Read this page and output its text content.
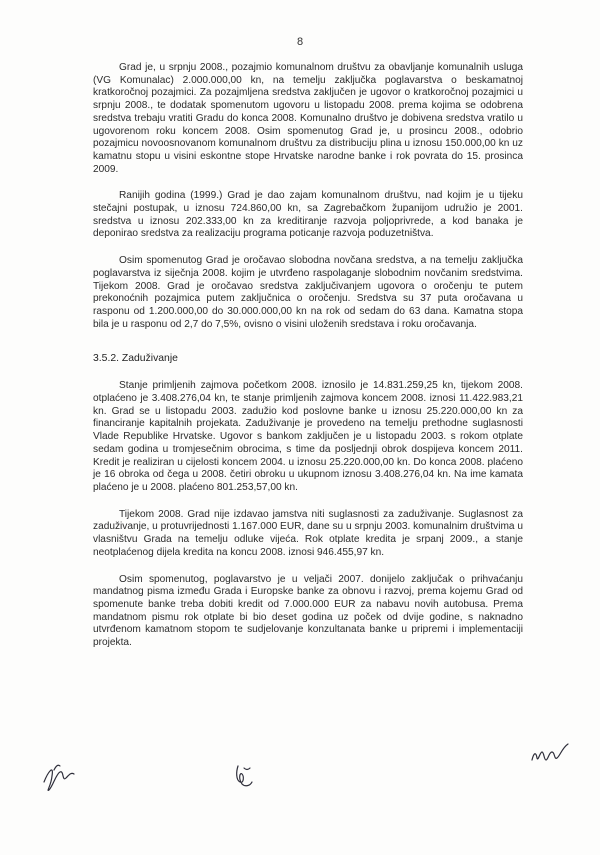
8

Grad je, u srpnju 2008., pozajmio komunalnom društvu za obavljanje komunalnih usluga (VG Komunalac) 2.000.000,00 kn, na temelju zaključka poglavarstva o beskamatnoj kratkoročnoj pozajmici. Za pozajmljena sredstva zaključen je ugovor o kratkoročnoj pozajmici u srpnju 2008., te dodatak spomenutom ugovoru u listopadu 2008. prema kojima se odobrena sredstva trebaju vratiti Gradu do konca 2008. Komunalno društvo je dobivena sredstva vratilo u ugovorenom roku koncem 2008. Osim spomenutog Grad je, u prosincu 2008., odobrio pozajmicu novoosnovanom komunalnom društvu za distribuciju plina u iznosu 150.000,00 kn uz kamatnu stopu u visini eskontne stope Hrvatske narodne banke i rok povrata do 15. prosinca 2009.

Ranijih godina (1999.) Grad je dao zajam komunalnom društvu, nad kojim je u tijeku stečajni postupak, u iznosu 724.860,00 kn, sa Zagrebačkom županijom udružio je 2001. sredstva u iznosu 202.333,00 kn za kreditiranje razvoja poljoprivrede, a kod banaka je deponirao sredstva za realizaciju programa poticanje razvoja poduzetništva.

Osim spomenutog Grad je oročavao slobodna novčana sredstva, a na temelju zaključka poglavarstva iz siječnja 2008. kojim je utvrđeno raspolaganje slobodnim novčanim sredstvima. Tijekom 2008. Grad je oročavao sredstva zaključivanjem ugovora o oročenju te putem prekonoćnih pozajmica putem zaključnica o oročenju. Sredstva su 37 puta oročavana u rasponu od 1.200.000,00 do 30.000.000,00 kn na rok od sedam do 63 dana. Kamatna stopa bila je u rasponu od 2,7 do 7,5%, ovisno o visini uloženih sredstava i roku oročavanja.

3.5.2. Zaduživanje

Stanje primljenih zajmova početkom 2008. iznosilo je 14.831.259,25 kn, tijekom 2008. otplaćeno je 3.408.276,04 kn, te stanje primljenih zajmova koncem 2008. iznosi 11.422.983,21 kn. Grad se u listopadu 2003. zadužio kod poslovne banke u iznosu 25.220.000,00 kn za financiranje kapitalnih projekata. Zaduživanje je provedeno na temelju prethodne suglasnosti Vlade Republike Hrvatske. Ugovor s bankom zaključen je u listopadu 2003. s rokom otplate sedam godina u tromjesečnim obrocima, s time da posljednji obrok dospijeva koncem 2011. Kredit je realiziran u cijelosti koncem 2004. u iznosu 25.220.000,00 kn. Do konca 2008. plaćeno je 16 obroka od čega u 2008. četiri obroku u ukupnom iznosu 3.408.276,04 kn. Na ime kamata plaćeno je u 2008. plaćeno 801.253,57,00 kn.

Tijekom 2008. Grad nije izdavao jamstva niti suglasnosti za zaduživanje. Suglasnost za zaduživanje, u protuvrijednosti 1.167.000 EUR, dane su u srpnju 2003. komunalnim društvima u vlasništvu Grada na temelju odluke vijeća. Rok otplate kredita je srpanj 2009., a stanje neotplaćenog dijela kredita na koncu 2008. iznosi 946.455,97 kn.

Osim spomenutog, poglavarstvo je u veljači 2007. donijelo zaključak o prihvaćanju mandatnog pisma između Grada i Europske banke za obnovu i razvoj, prema kojemu Grad od spomenute banke treba dobiti kredit od 7.000.000 EUR za nabavu novih autobusa. Prema mandatnom pismu rok otplate bi bio deset godina uz poček od dvije godine, s naknadno utvrđenom kamatnom stopom te sudjelovanje konzultanata banke u pripremi i implementaciji projekta.
